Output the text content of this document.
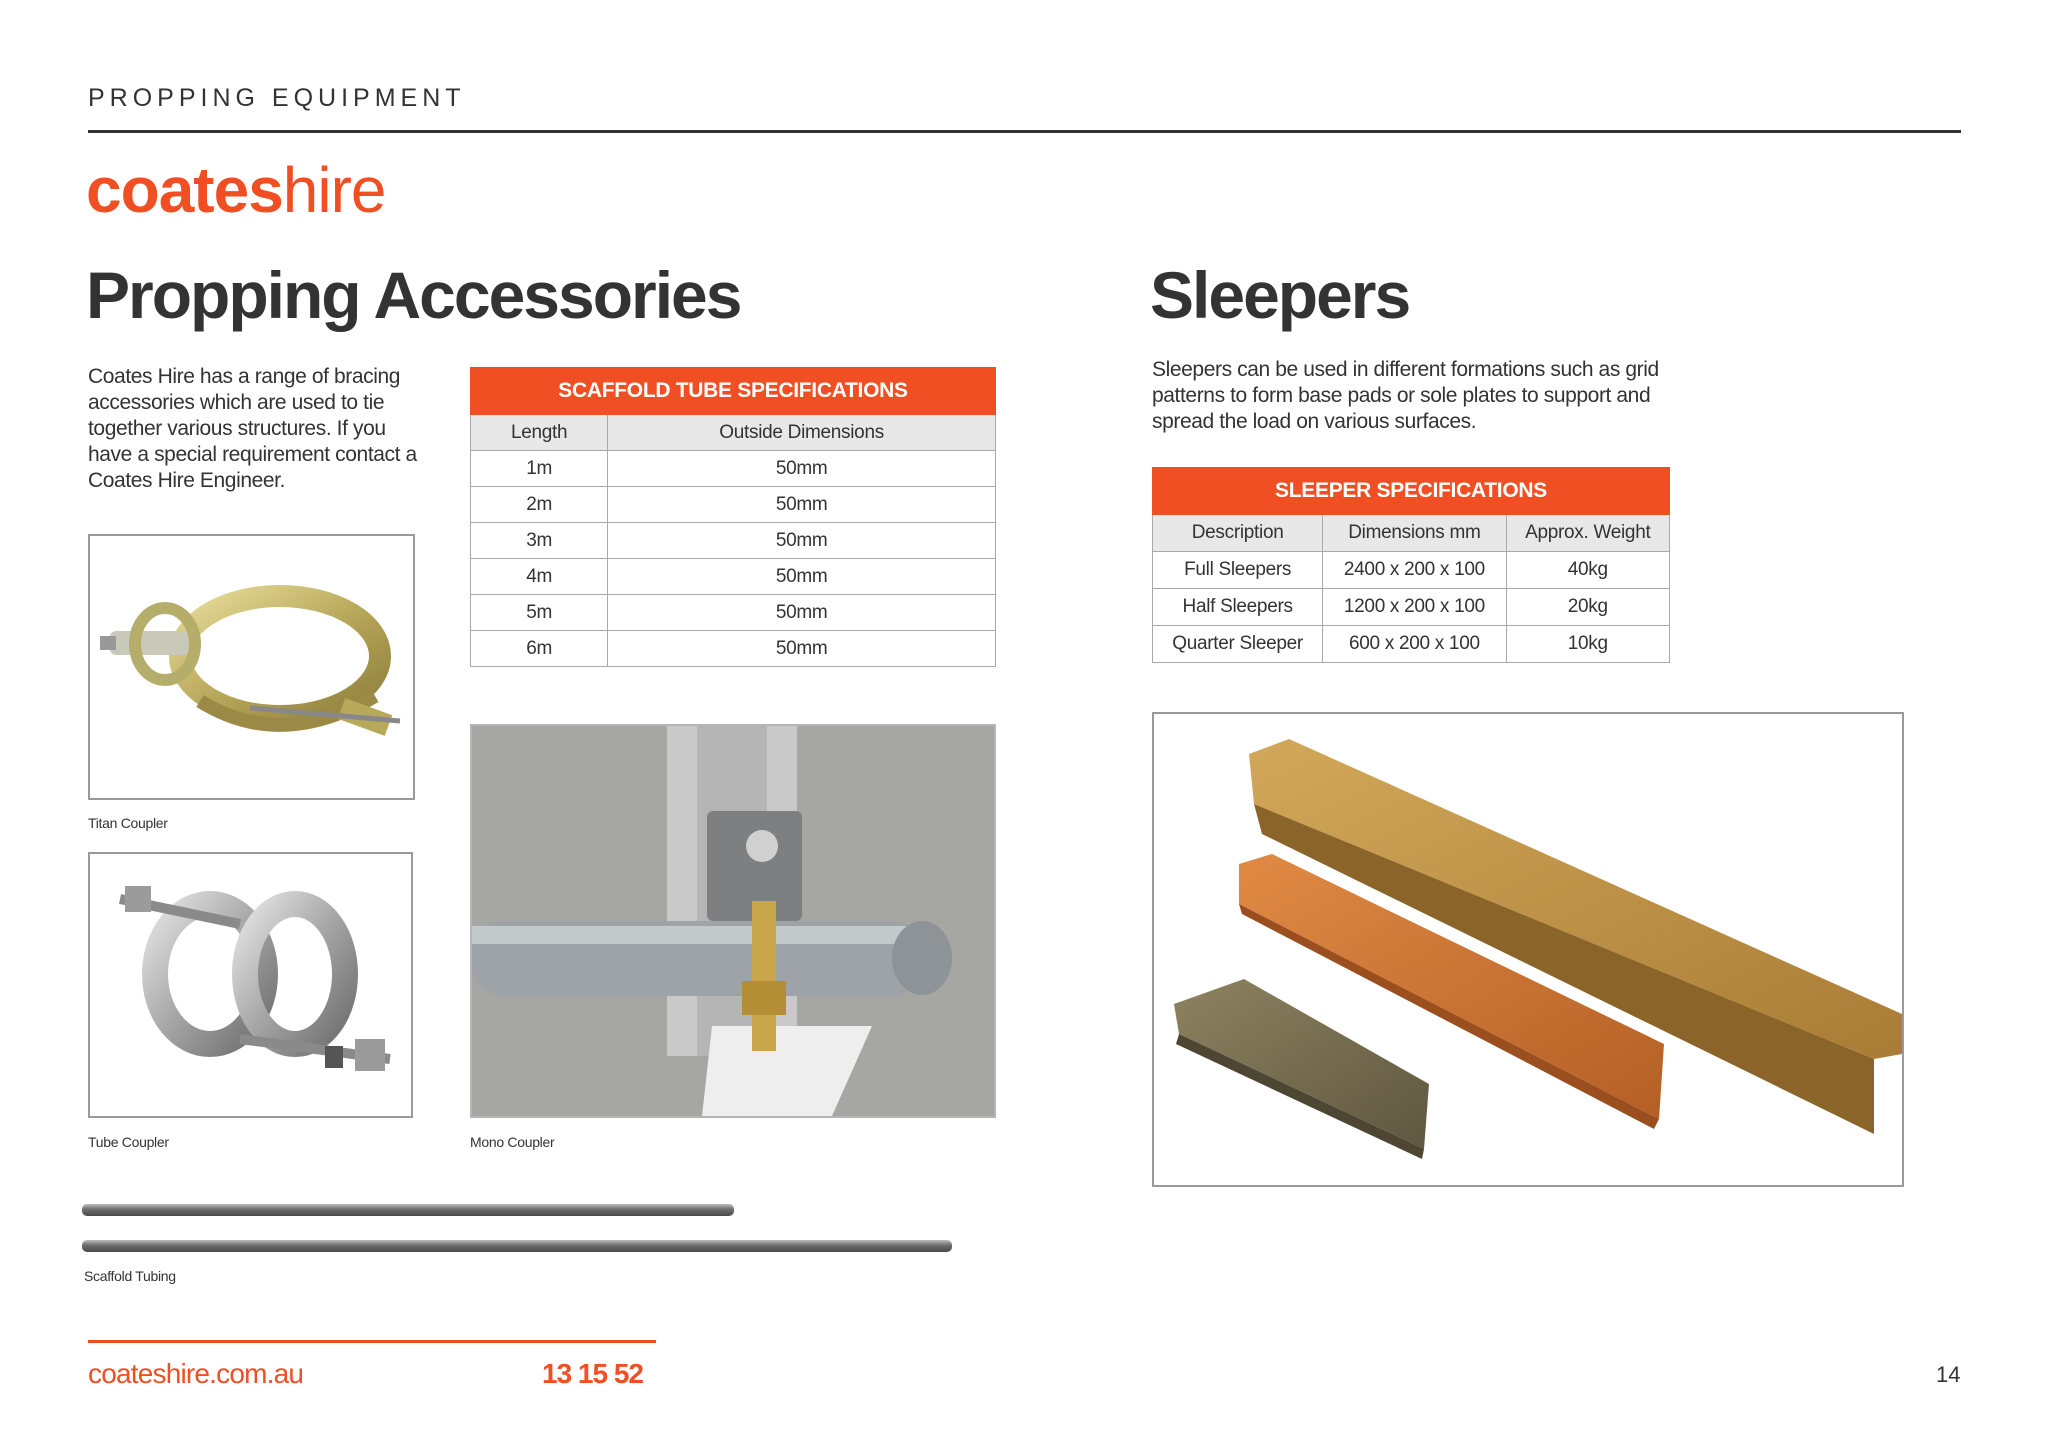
PROPPING EQUIPMENT
coateshire
Propping Accessories
Coates Hire has a range of bracing accessories which are used to tie together various structures. If you have a special requirement contact a Coates Hire Engineer.
SCAFFOLD TUBE SPECIFICATIONS	
Length	Outside Dimensions
1m	50mm
2m	50mm
3m	50mm
4m	50mm
5m	50mm
6m	50mm
Titan Coupler
Tube Coupler	Mono Coupler
Scaffold Tubing
Sleepers
Sleepers can be used in different formations such as grid patterns to form base pads or sole plates to support and spread the load on various surfaces.
SLEEPER SPECIFICATIONS		
Description	Dimensions mm	Approx. Weight
Full Sleepers	2400 x 200 x 100	40kg
Half Sleepers	1200 x 200 x 100	20kg
Quarter Sleeper	600 x 200 x 100	10kg
coateshire.com.au	13 15 52	14
